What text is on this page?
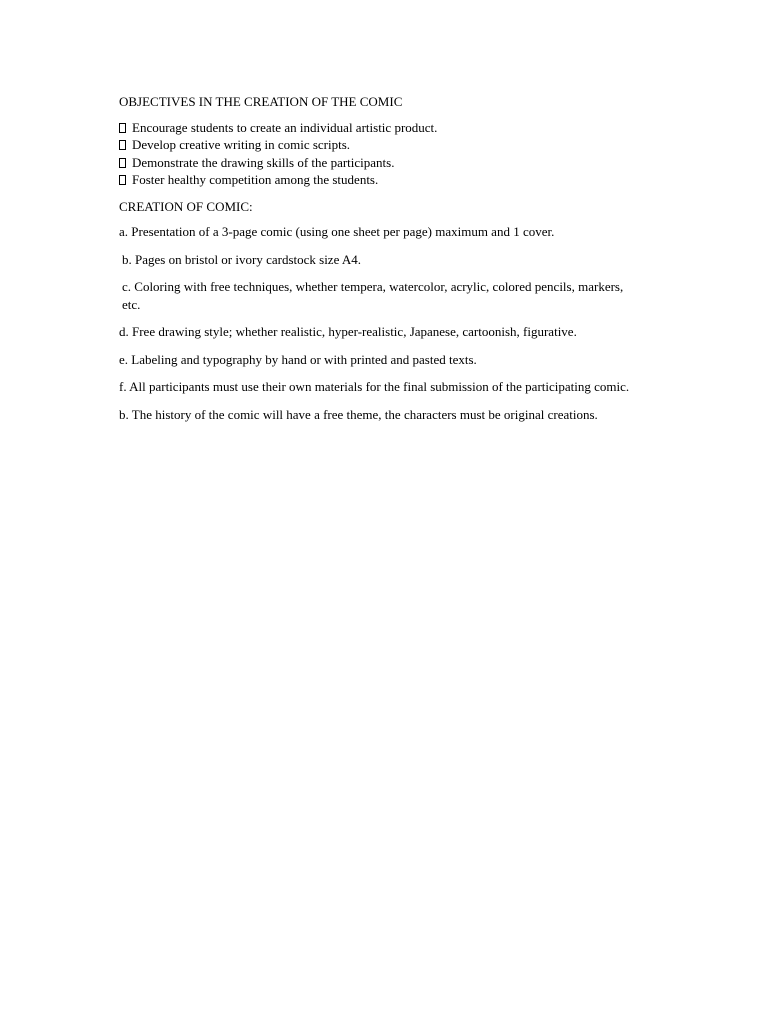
OBJECTIVES IN THE CREATION OF THE COMIC
Encourage students to create an individual artistic product.
Develop creative writing in comic scripts.
Demonstrate the drawing skills of the participants.
Foster healthy competition among the students.
CREATION OF COMIC:

a. Presentation of a 3-page comic (using one sheet per page) maximum and 1 cover.

b. Pages on bristol or ivory cardstock size A4.

c. Coloring with free techniques, whether tempera, watercolor, acrylic, colored pencils, markers, etc.

d. Free drawing style; whether realistic, hyper-realistic, Japanese, cartoonish, figurative.

e. Labeling and typography by hand or with printed and pasted texts.

f. All participants must use their own materials for the final submission of the participating comic.

b. The history of the comic will have a free theme, the characters must be original creations.
